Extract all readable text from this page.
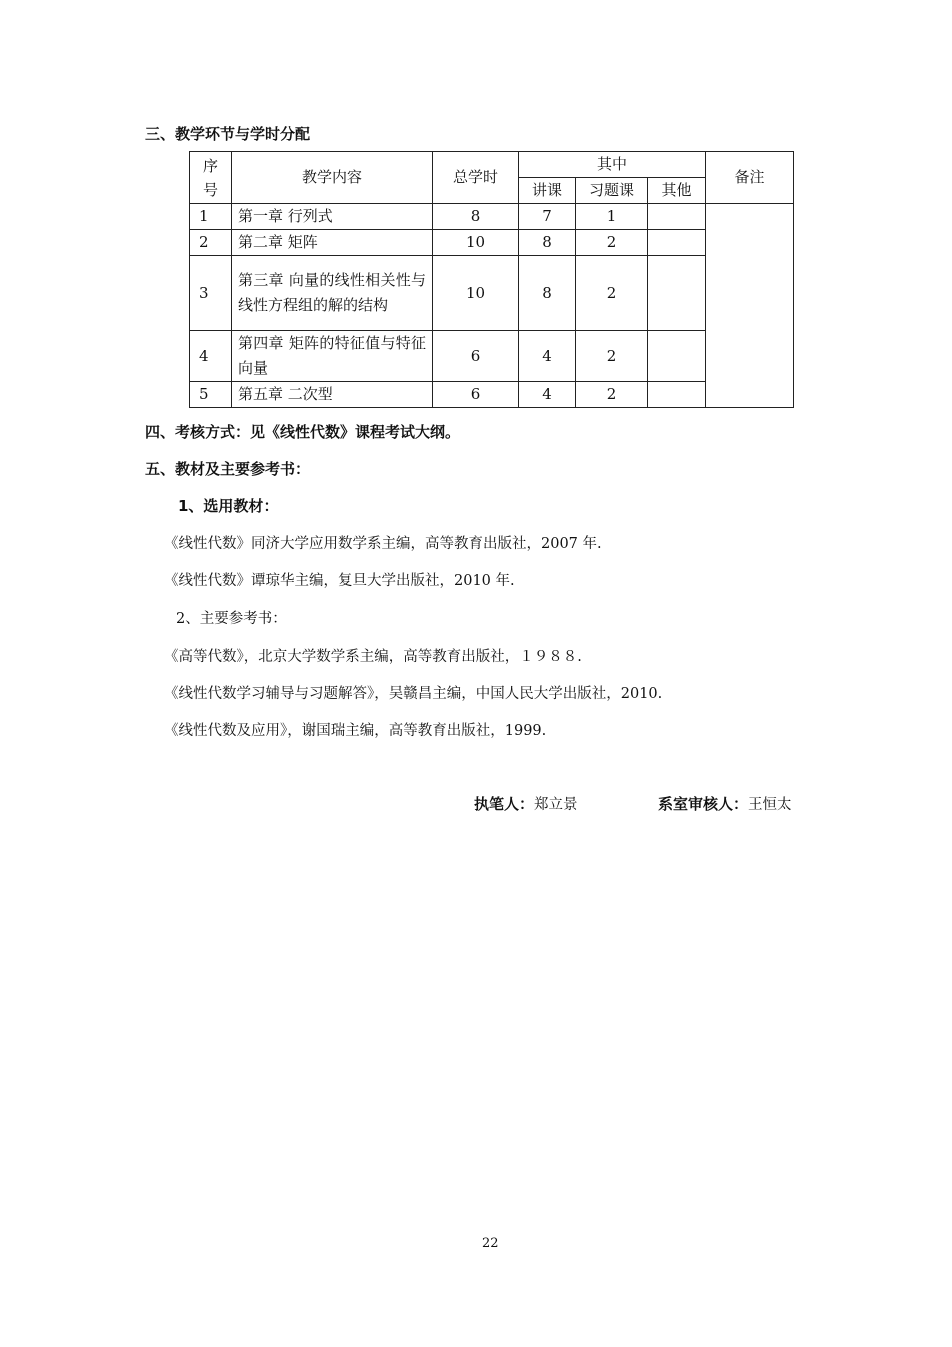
三、教学环节与学时分配
序号	教学内容	总学时	其中			备注
			讲课	习题课	其他	
1	第一章 行列式	8	7	1		
2	第二章 矩阵	10	8	2		
3	第三章 向量的线性相关性与线性方程组的解的结构	10	8	2		
4	第四章 矩阵的特征值与特征向量	6	4	2		
5	第五章 二次型	6	4	2		
四、考核方式：见《线性代数》课程考试大纲。
五、教材及主要参考书：
1、选用教材：
《线性代数》同济大学应用数学系主编，高等教育出版社，2007 年.
《线性代数》谭琼华主编，复旦大学出版社，2010 年.
2、主要参考书：
《高等代数》，北京大学数学系主编，高等教育出版社，１９８８.
《线性代数学习辅导与习题解答》，吴赣昌主编，中国人民大学出版社，2010.
《线性代数及应用》，谢国瑞主编，高等教育出版社，1999.
执笔人：郑立景	系室审核人：王恒太
22
